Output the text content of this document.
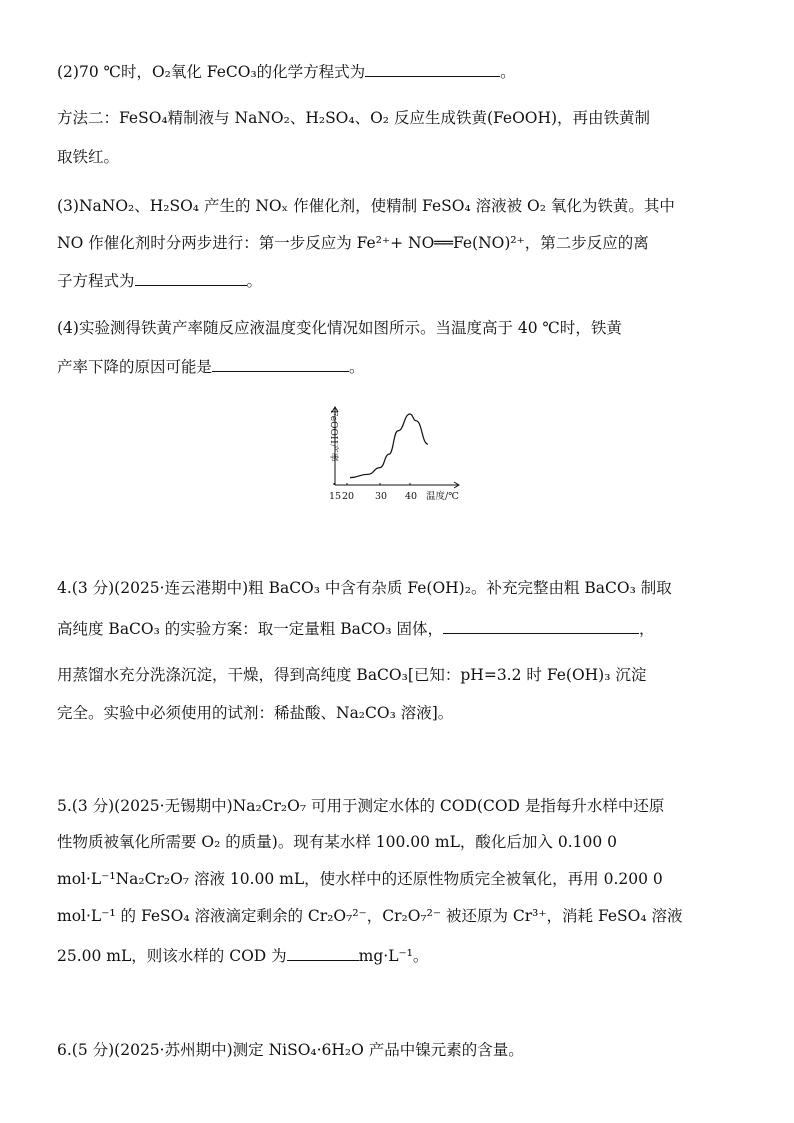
(2)70 ℃时，O₂氧化 FeCO₃的化学方程式为	。
方法二：FeSO₄精制液与 NaNO₂、H₂SO₄、O₂ 反应生成铁黄(FeOOH)，再由铁黄制
取铁红。
(3)NaNO₂、H₂SO₄ 产生的 NOₓ 作催化剂，使精制 FeSO₄ 溶液被 O₂ 氧化为铁黄。其中
NO 作催化剂时分两步进行：第一步反应为 Fe²⁺+ NO══Fe(NO)²⁺，第二步反应的离
子方程式为	。
(4)实验测得铁黄产率随反应液温度变化情况如图所示。当温度高于 40 ℃时，铁黄
产率下降的原因可能是	。
FeOOH产率
15 20 30 40 温度/℃
4.(3 分)(2025·连云港期中)粗 BaCO₃ 中含有杂质 Fe(OH)₂。补充完整由粗 BaCO₃ 制取
高纯度 BaCO₃ 的实验方案：取一定量粗 BaCO₃ 固体，	，
用蒸馏水充分洗涤沉淀，干燥，得到高纯度 BaCO₃[已知：pH=3.2 时 Fe(OH)₃ 沉淀
完全。实验中必须使用的试剂：稀盐酸、Na₂CO₃ 溶液]。
5.(3 分)(2025·无锡期中)Na₂Cr₂O₇ 可用于测定水体的 COD(COD 是指每升水样中还原
性物质被氧化所需要 O₂ 的质量)。现有某水样 100.00 mL，酸化后加入 0.100 0
mol·L⁻¹Na₂Cr₂O₇ 溶液 10.00 mL，使水样中的还原性物质完全被氧化，再用 0.200 0
mol·L⁻¹ 的 FeSO₄ 溶液滴定剩余的 Cr₂O₇²⁻，Cr₂O₇²⁻ 被还原为 Cr³⁺，消耗 FeSO₄ 溶液
25.00 mL，则该水样的 COD 为	mg·L⁻¹。
6.(5 分)(2025·苏州期中)测定 NiSO₄·6H₂O 产品中镍元素的含量。
